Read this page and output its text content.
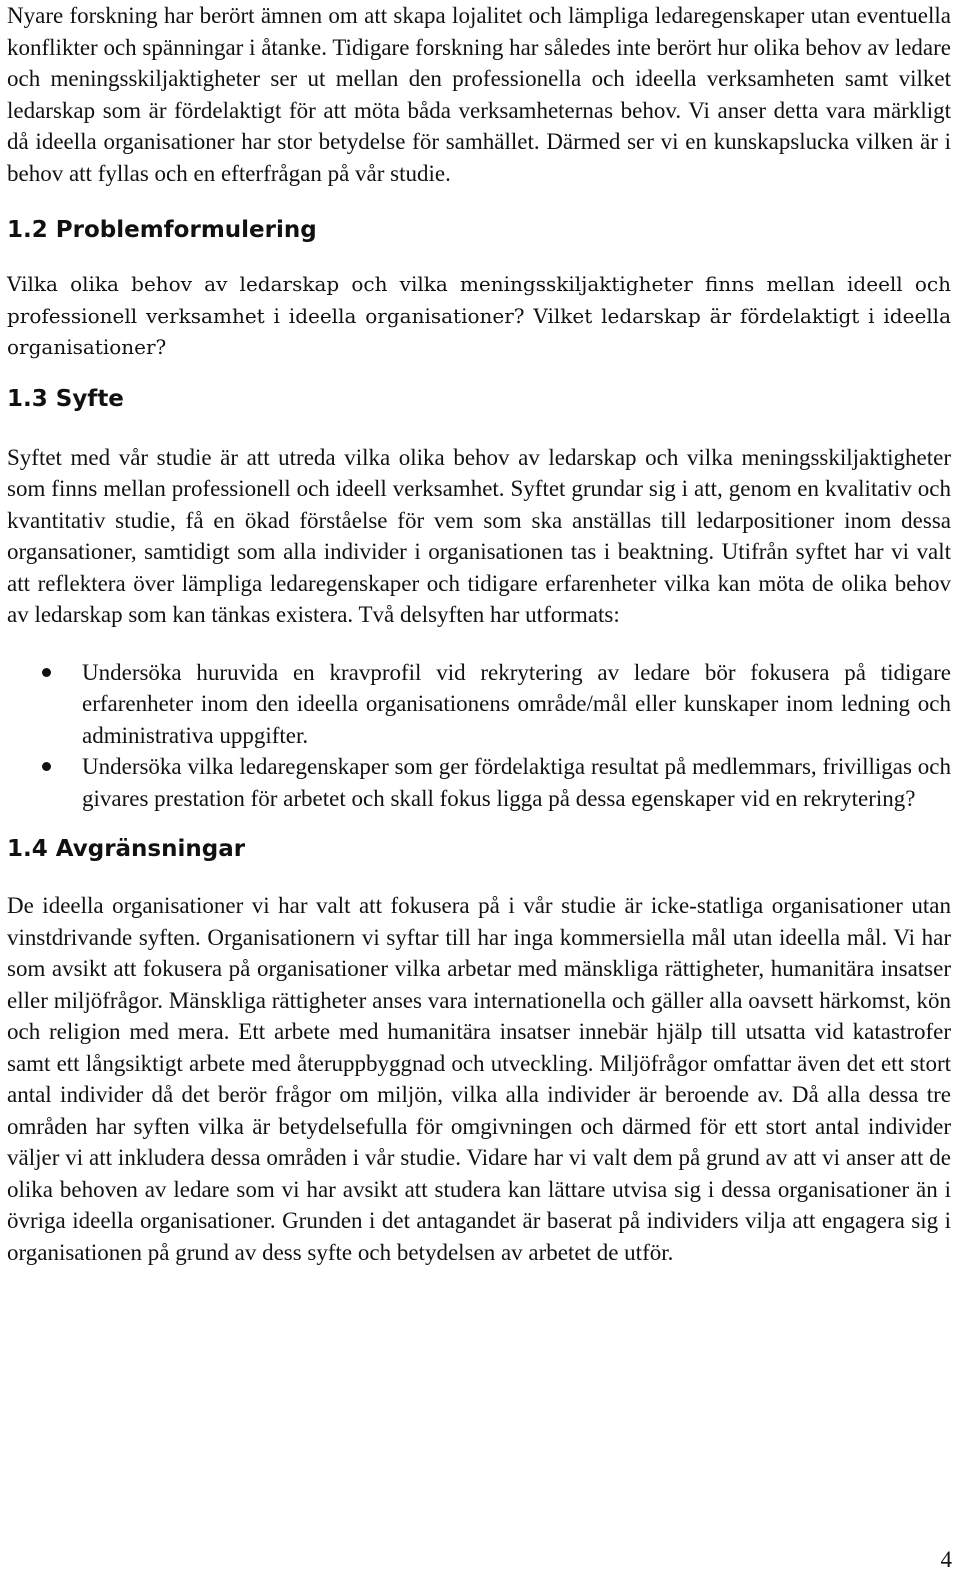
Nyare forskning har berört ämnen om att skapa lojalitet och lämpliga ledaregenskaper utan eventuella konflikter och spänningar i åtanke. Tidigare forskning har således inte berört hur olika behov av ledare och meningsskiljaktigheter ser ut mellan den professionella och ideella verksamheten samt vilket ledarskap som är fördelaktigt för att möta båda verksamheternas behov. Vi anser detta vara märkligt då ideella organisationer har stor betydelse för samhället. Därmed ser vi en kunskapslucka vilken är i behov att fyllas och en efterfrågan på vår studie.

1.2 Problemformulering

Vilka olika behov av ledarskap och vilka meningsskiljaktigheter finns mellan ideell och professionell verksamhet i ideella organisationer? Vilket ledarskap är fördelaktigt i ideella organisationer?

1.3 Syfte

Syftet med vår studie är att utreda vilka olika behov av ledarskap och vilka meningsskiljaktigheter som finns mellan professionell och ideell verksamhet. Syftet grundar sig i att, genom en kvalitativ och kvantitativ studie, få en ökad förståelse för vem som ska anställas till ledarpositioner inom dessa organsationer, samtidigt som alla individer i organisationen tas i beaktning. Utifrån syftet har vi valt att reflektera över lämpliga ledaregenskaper och tidigare erfarenheter vilka kan möta de olika behov av ledarskap som kan tänkas existera. Två delsyften har utformats:

Undersöka huruvida en kravprofil vid rekrytering av ledare bör fokusera på tidigare erfarenheter inom den ideella organisationens område/mål eller kunskaper inom ledning och administrativa uppgifter.
Undersöka vilka ledaregenskaper som ger fördelaktiga resultat på medlemmars, frivilligas och givares prestation för arbetet och skall fokus ligga på dessa egenskaper vid en rekrytering?
1.4 Avgränsningar

De ideella organisationer vi har valt att fokusera på i vår studie är icke-statliga organisationer utan vinstdrivande syften. Organisationern vi syftar till har inga kommersiella mål utan ideella mål. Vi har som avsikt att fokusera på organisationer vilka arbetar med mänskliga rättigheter, humanitära insatser eller miljöfrågor. Mänskliga rättigheter anses vara internationella och gäller alla oavsett härkomst, kön och religion med mera. Ett arbete med humanitära insatser innebär hjälp till utsatta vid katastrofer samt ett långsiktigt arbete med återuppbyggnad och utveckling. Miljöfrågor omfattar även det ett stort antal individer då det berör frågor om miljön, vilka alla individer är beroende av. Då alla dessa tre områden har syften vilka är betydelsefulla för omgivningen och därmed för ett stort antal individer väljer vi att inkludera dessa områden i vår studie. Vidare har vi valt dem på grund av att vi anser att de olika behoven av ledare som vi har avsikt att studera kan lättare utvisa sig i dessa organisationer än i övriga ideella organisationer. Grunden i det antagandet är baserat på individers vilja att engagera sig i organisationen på grund av dess syfte och betydelsen av arbetet de utför.

4
